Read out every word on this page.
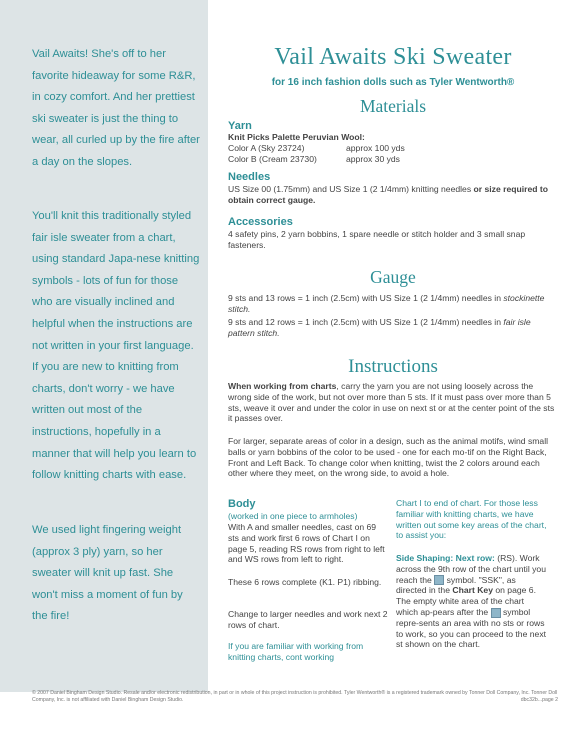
Vail Awaits! She's off to her favorite hideaway for some R&R, in cozy comfort. And her prettiest ski sweater is just the thing to wear, all curled up by the fire after a day on the slopes.

You'll knit this traditionally styled fair isle sweater from a chart, using standard Japa-nese knitting symbols - lots of fun for those who are visually inclined and helpful when the instructions are not written in your first language. If you are new to knitting from charts, don't worry - we have written out most of the instructions, hopefully in a manner that will help you learn to follow knitting charts with ease.

We used light fingering weight (approx 3 ply) yarn, so her sweater will knit up fast. She won't miss a moment of fun by the fire!

Vail Awaits Ski Sweater
for 16 inch fashion dolls such as Tyler Wentworth®
Materials
Yarn
Knit Picks Palette Peruvian Wool:
Color A (Sky 23724)	approx 100 yds
Color B (Cream 23730)	approx 30 yds
Needles
US Size 00 (1.75mm) and US Size 1 (2 1/4mm) knitting needles or size required to obtain correct gauge.
Accessories
4 safety pins, 2 yarn bobbins, 1 spare needle or stitch holder and 3 small snap fasteners.
Gauge
9 sts and 13 rows = 1 inch (2.5cm) with US Size 1 (2 1/4mm) needles in stockinette stitch.
9 sts and 12 rows = 1 inch (2.5cm) with US Size 1 (2 1/4mm) needles in fair isle pattern stitch.
Instructions
When working from charts, carry the yarn you are not using loosely across the wrong side of the work, but not over more than 5 sts. If it must pass over more than 5 sts, weave it over and under the color in use on next st or at the center point of the sts it passes over.
For larger, separate areas of color in a design, such as the animal motifs, wind small balls or yarn bobbins of the color to be used - one for each mo-tif on the Right Back, Front and Left Back. To change color when knitting, twist the 2 colors around each other where they meet, on the wrong side, to avoid a hole.
Body
(worked in one piece to armholes)
With A and smaller needles, cast on 69 sts and work first 6 rows of Chart I on page 5, reading RS rows from right to left and WS rows from left to right.
These 6 rows complete (K1. P1) ribbing.
Change to larger needles and work next 2 rows of chart.
If you are familiar with working from knitting charts, cont working
Chart I to end of chart. For those less familiar with knitting charts, we have written out some key areas of the chart, to assist you:
Side Shaping: Next row: (RS). Work across the 9th row of the chart until you reach the symbol. "SSK", as directed in the Chart Key on page 6. The empty white area of the chart which ap-pears after the symbol repre-sents an area with no sts or rows to work, so you can proceed to the next st shown on the chart.
© 2007 Daniel Bingham Design Studio. Resale and/or electronic redistribution, in part or in whole of this project instruction is prohibited. Tyler Wentworth® is a registered trademark owned by Tonner Doll Company, Inc. Tonner Doll Company, Inc. is not affiliated with Daniel Bingham Design Studio.	dbc32b...page 2
